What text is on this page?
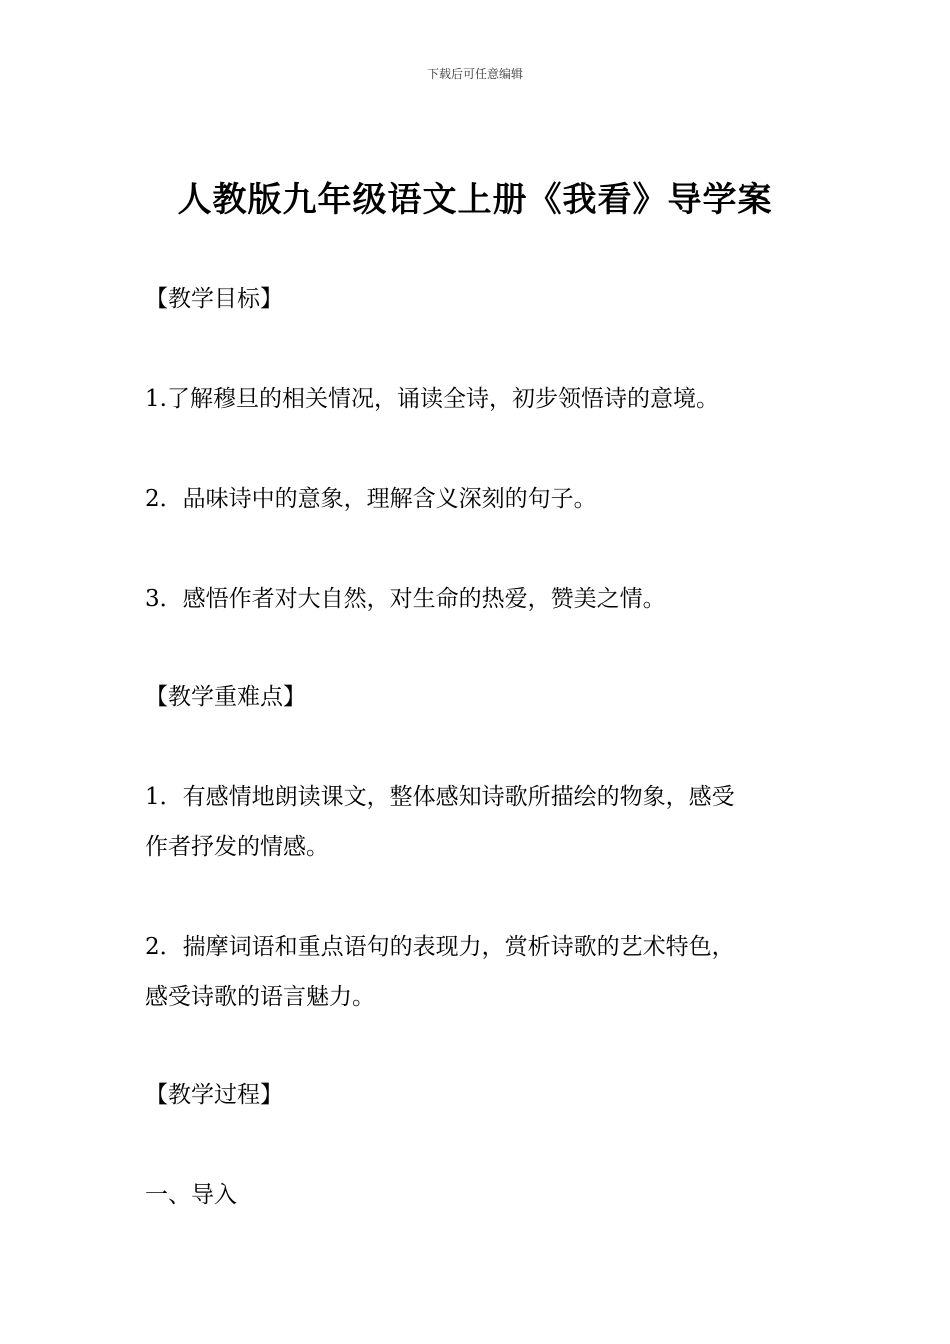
下载后可任意编辑
人教版九年级语文上册《我看》导学案
【教学目标】
1.了解穆旦的相关情况，诵读全诗，初步领悟诗的意境。
2．品味诗中的意象，理解含义深刻的句子。
3．感悟作者对大自然，对生命的热爱，赞美之情。
【教学重难点】
1．有感情地朗读课文，整体感知诗歌所描绘的物象，感受
作者抒发的情感。
2．揣摩词语和重点语句的表现力，赏析诗歌的艺术特色，
感受诗歌的语言魅力。
【教学过程】
一、导入
